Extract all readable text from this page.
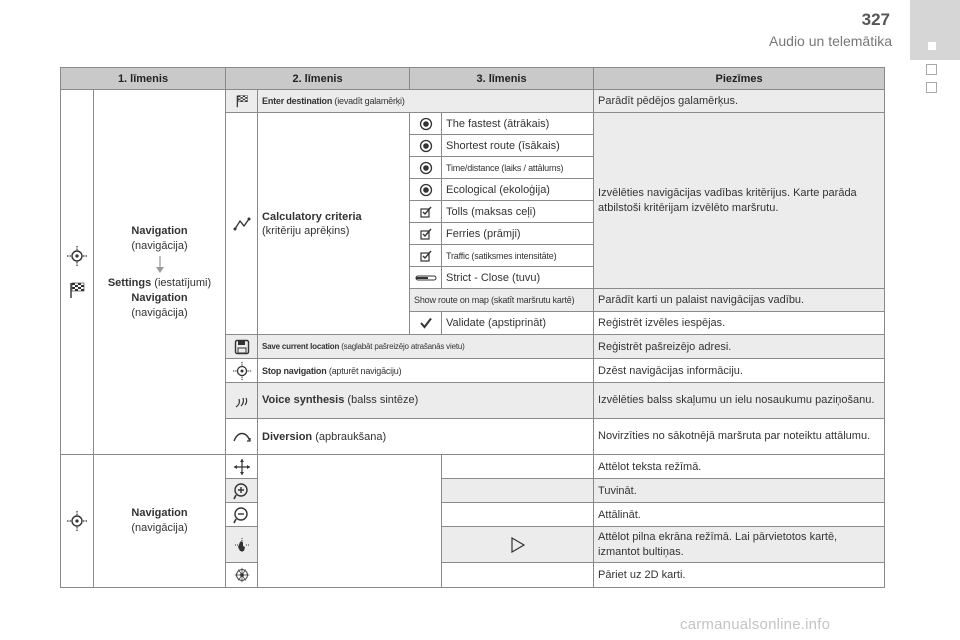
327
Audio un telemātika
1. līmenis		2. līmenis		3. līmenis		Piezīmes

Navigation
(navigācija)
Settings (iestatījumi)
Navigation
(navigācija)		Enter destination (ievadīt galamērķi)			Parādīt pēdējos galamērķus.

	Calculatory criteria
(kritēriju aprēķins)		The fastest (ātrākais)	Izvēlēties navigācijas vadības kritērijus. Karte parāda atbilstoši kritērijam izvēlēto maršrutu.

	Shortest route (īsākais)	

	Time/distance (laiks / attālums)	

	Ecological (ekoloģija)	

	Tolls (maksas ceļi)	

	Ferries (prāmji)	

	Traffic (satiksmes intensitāte)	

	Strict - Close (tuvu)	
				Show route on map (skatīt maršrutu kartē)		Parādīt karti un palaist navigācijas vadību.

	Validate (apstiprināt)	Reģistrēt izvēles iespējas.

	Save current location (saglabāt pašreizējo atrašanās vietu)			Reģistrēt pašreizējo adresi.

	Stop navigation (apturēt navigāciju)			Dzēst navigācijas informāciju.

	Voice synthesis (balss sintēze)			Izvēlēties balss skaļumu un ielu nosaukumu paziņošanu.

	Diversion (apbraukšana)			Novirzīties no sākotnējā maršruta par noteiktu attālumu.

Navigation
(navigācija)					Attēlot teksta režīmā.

		Tuvināt.

		Attālināt.

	Attēlot pilna ekrāna režīmā. Lai pārvietotos kartē, izmantot bultiņas.

		Pāriet uz 2D karti.
carmanualsonline.info
